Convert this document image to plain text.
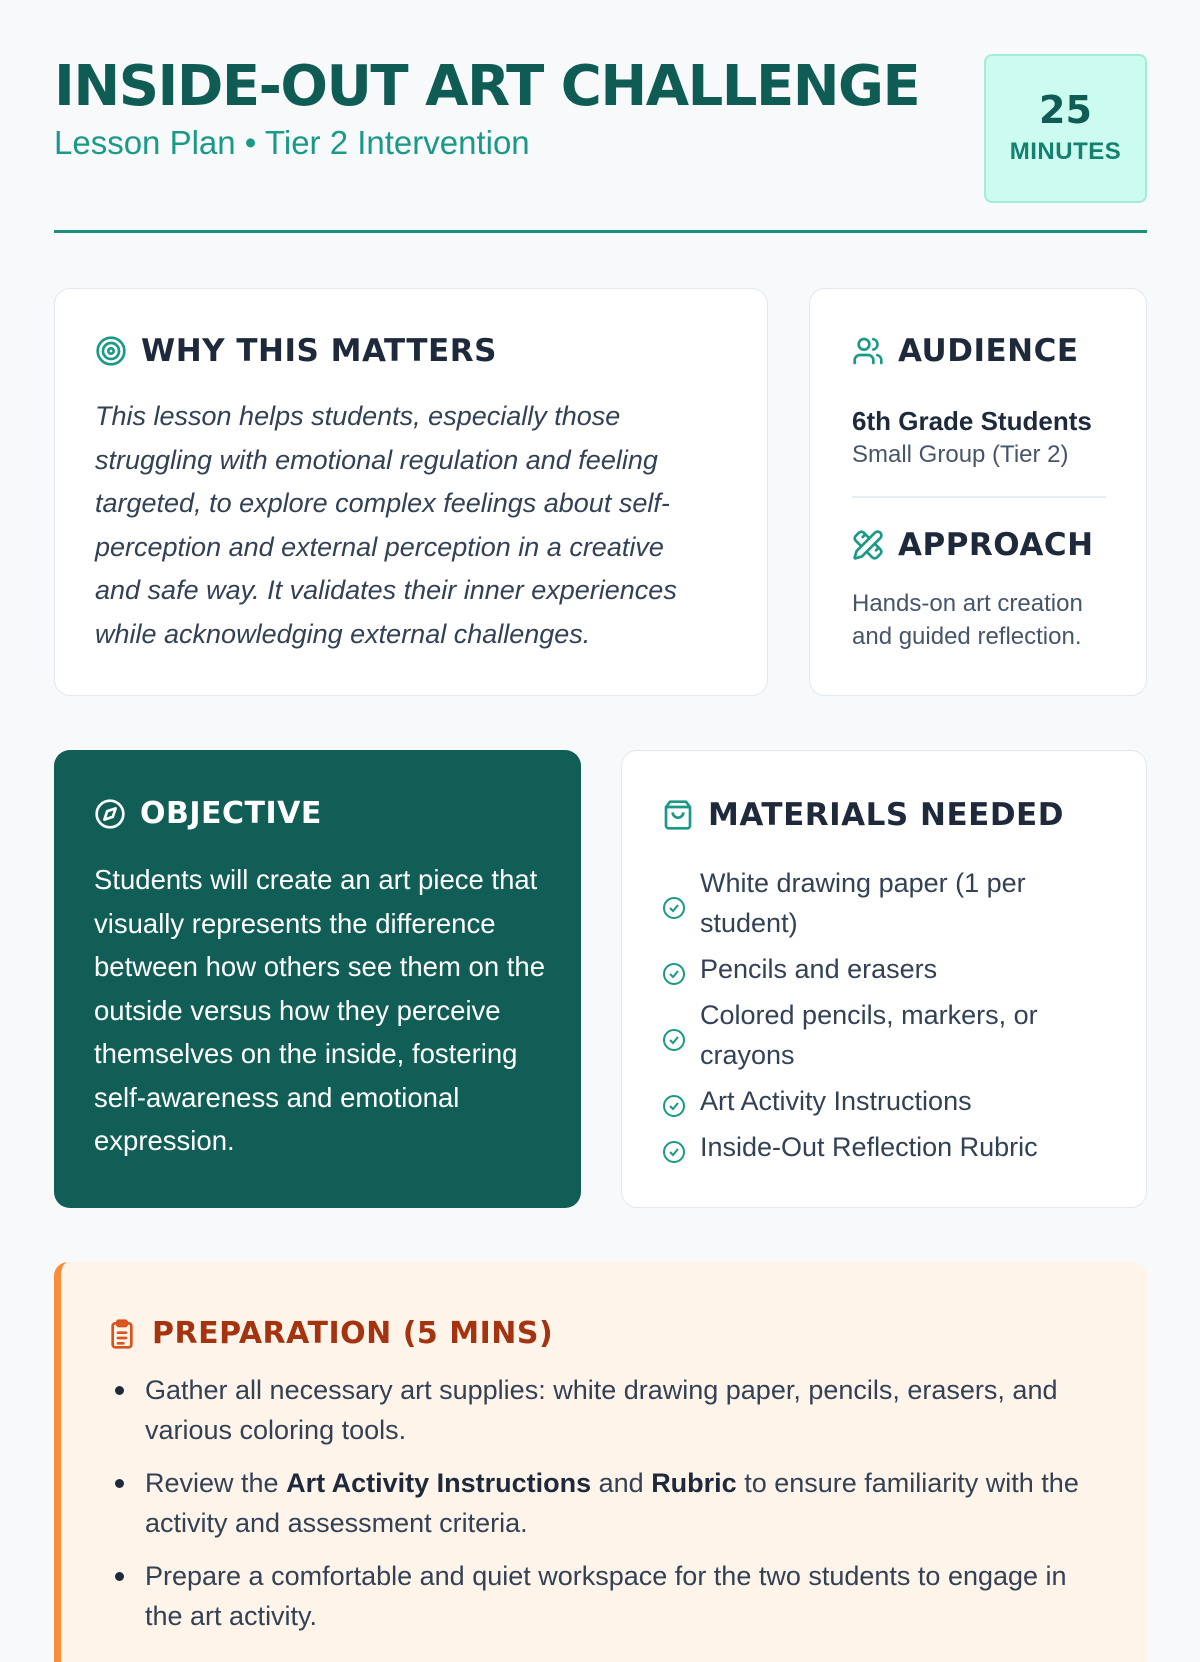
INSIDE-OUT ART CHALLENGE
Lesson Plan • Tier 2 Intervention
25
MINUTES
WHY THIS MATTERS

This lesson helps students, especially those struggling with emotional regulation and feeling targeted, to explore complex feelings about self-perception and external perception in a creative and safe way. It validates their inner experiences while acknowledging external challenges.

AUDIENCE
6th Grade Students
Small Group (Tier 2)
APPROACH

Hands-on art creation and guided reflection.

OBJECTIVE

Students will create an art piece that visually represents the difference between how others see them on the outside versus how they perceive themselves on the inside, fostering self-awareness and emotional expression.

MATERIALS NEEDED
White drawing paper (1 per student)
Pencils and erasers
Colored pencils, markers, or crayons
Art Activity Instructions
Inside-Out Reflection Rubric
PREPARATION (5 MINS)
Gather all necessary art supplies: white drawing paper, pencils, erasers, and various coloring tools.
Review the Art Activity Instructions and Rubric to ensure familiarity with the activity and assessment criteria.
Prepare a comfortable and quiet workspace for the two students to engage in the art activity.
